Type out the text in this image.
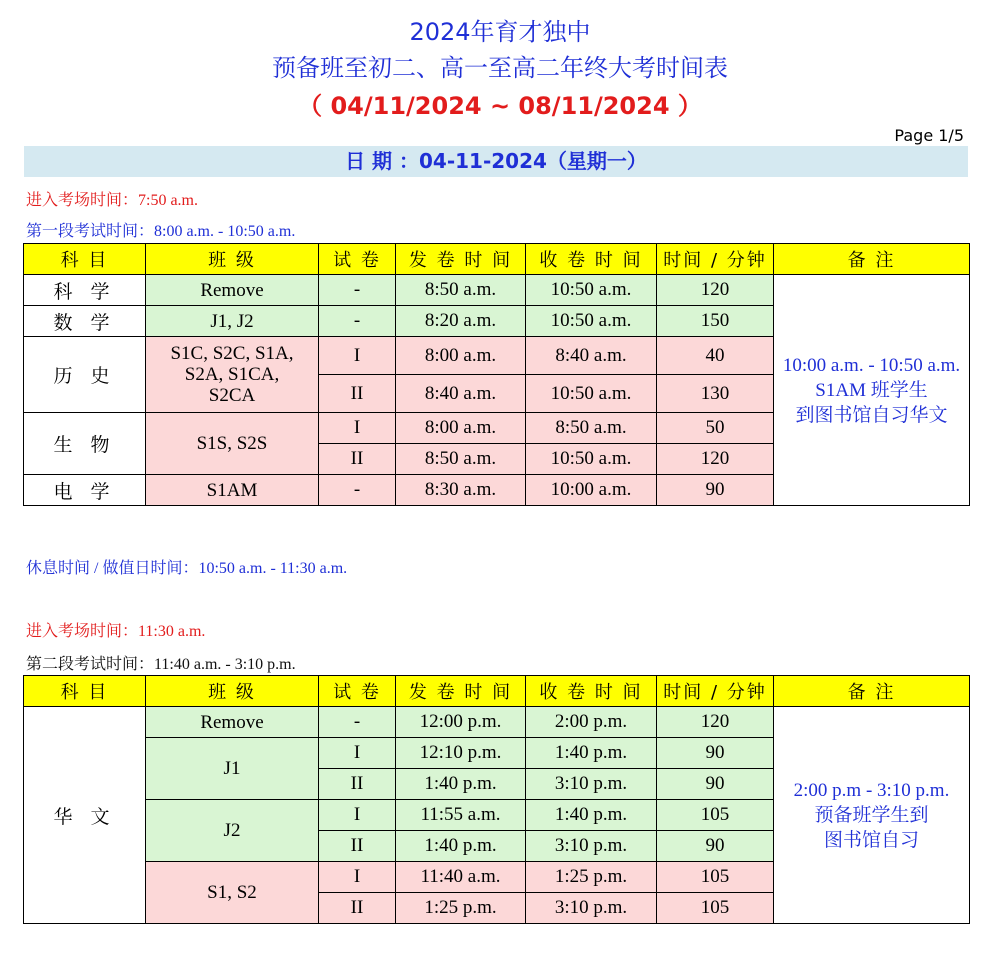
2024年育才独中
预备班至初二、高一至高二年终大考时间表
（ 04/11/2024 ~ 08/11/2024 ）
Page 1/5
日 期 ：04-11-2024（星期一）
进入考场时间：7:50 a.m.
第一段考试时间：8:00 a.m. - 10:50 a.m.
科 目	班 级	试 卷	发 卷 时 间	收 卷 时 间	时间 / 分钟	备 注
科 学	Remove	-	8:50 a.m.	10:50 a.m.	120	10:00 a.m. - 10:50 a.m.
S1AM 班学生
到图书馆自习华文

数 学	J1, J2	-	8:20 a.m.	10:50 a.m.	150	
历 史	S1C, S2C, S1A, S2A, S1CA, S2CA	I	8:00 a.m.	8:40 a.m.	40	
		II	8:40 a.m.	10:50 a.m.	130	
生 物	S1S, S2S	I	8:00 a.m.	8:50 a.m.	50	
		II	8:50 a.m.	10:50 a.m.	120	
电 学	S1AM	-	8:30 a.m.	10:00 a.m.	90	
休息时间 / 做值日时间：10:50 a.m. - 11:30 a.m.
进入考场时间：11:30 a.m.
第二段考试时间：11:40 a.m. - 3:10 p.m.
科 目	班 级	试 卷	发 卷 时 间	收 卷 时 间	时间 / 分钟	备 注
华 文	Remove	-	12:00 p.m.	2:00 p.m.	120	2:00 p.m - 3:10 p.m.
预备班学生到
图书馆自习

	J1	I	12:10 p.m.	1:40 p.m.	90	
		II	1:40 p.m.	3:10 p.m.	90	
	J2	I	11:55 a.m.	1:40 p.m.	105	
		II	1:40 p.m.	3:10 p.m.	90	
	S1, S2	I	11:40 a.m.	1:25 p.m.	105	
		II	1:25 p.m.	3:10 p.m.	105	
